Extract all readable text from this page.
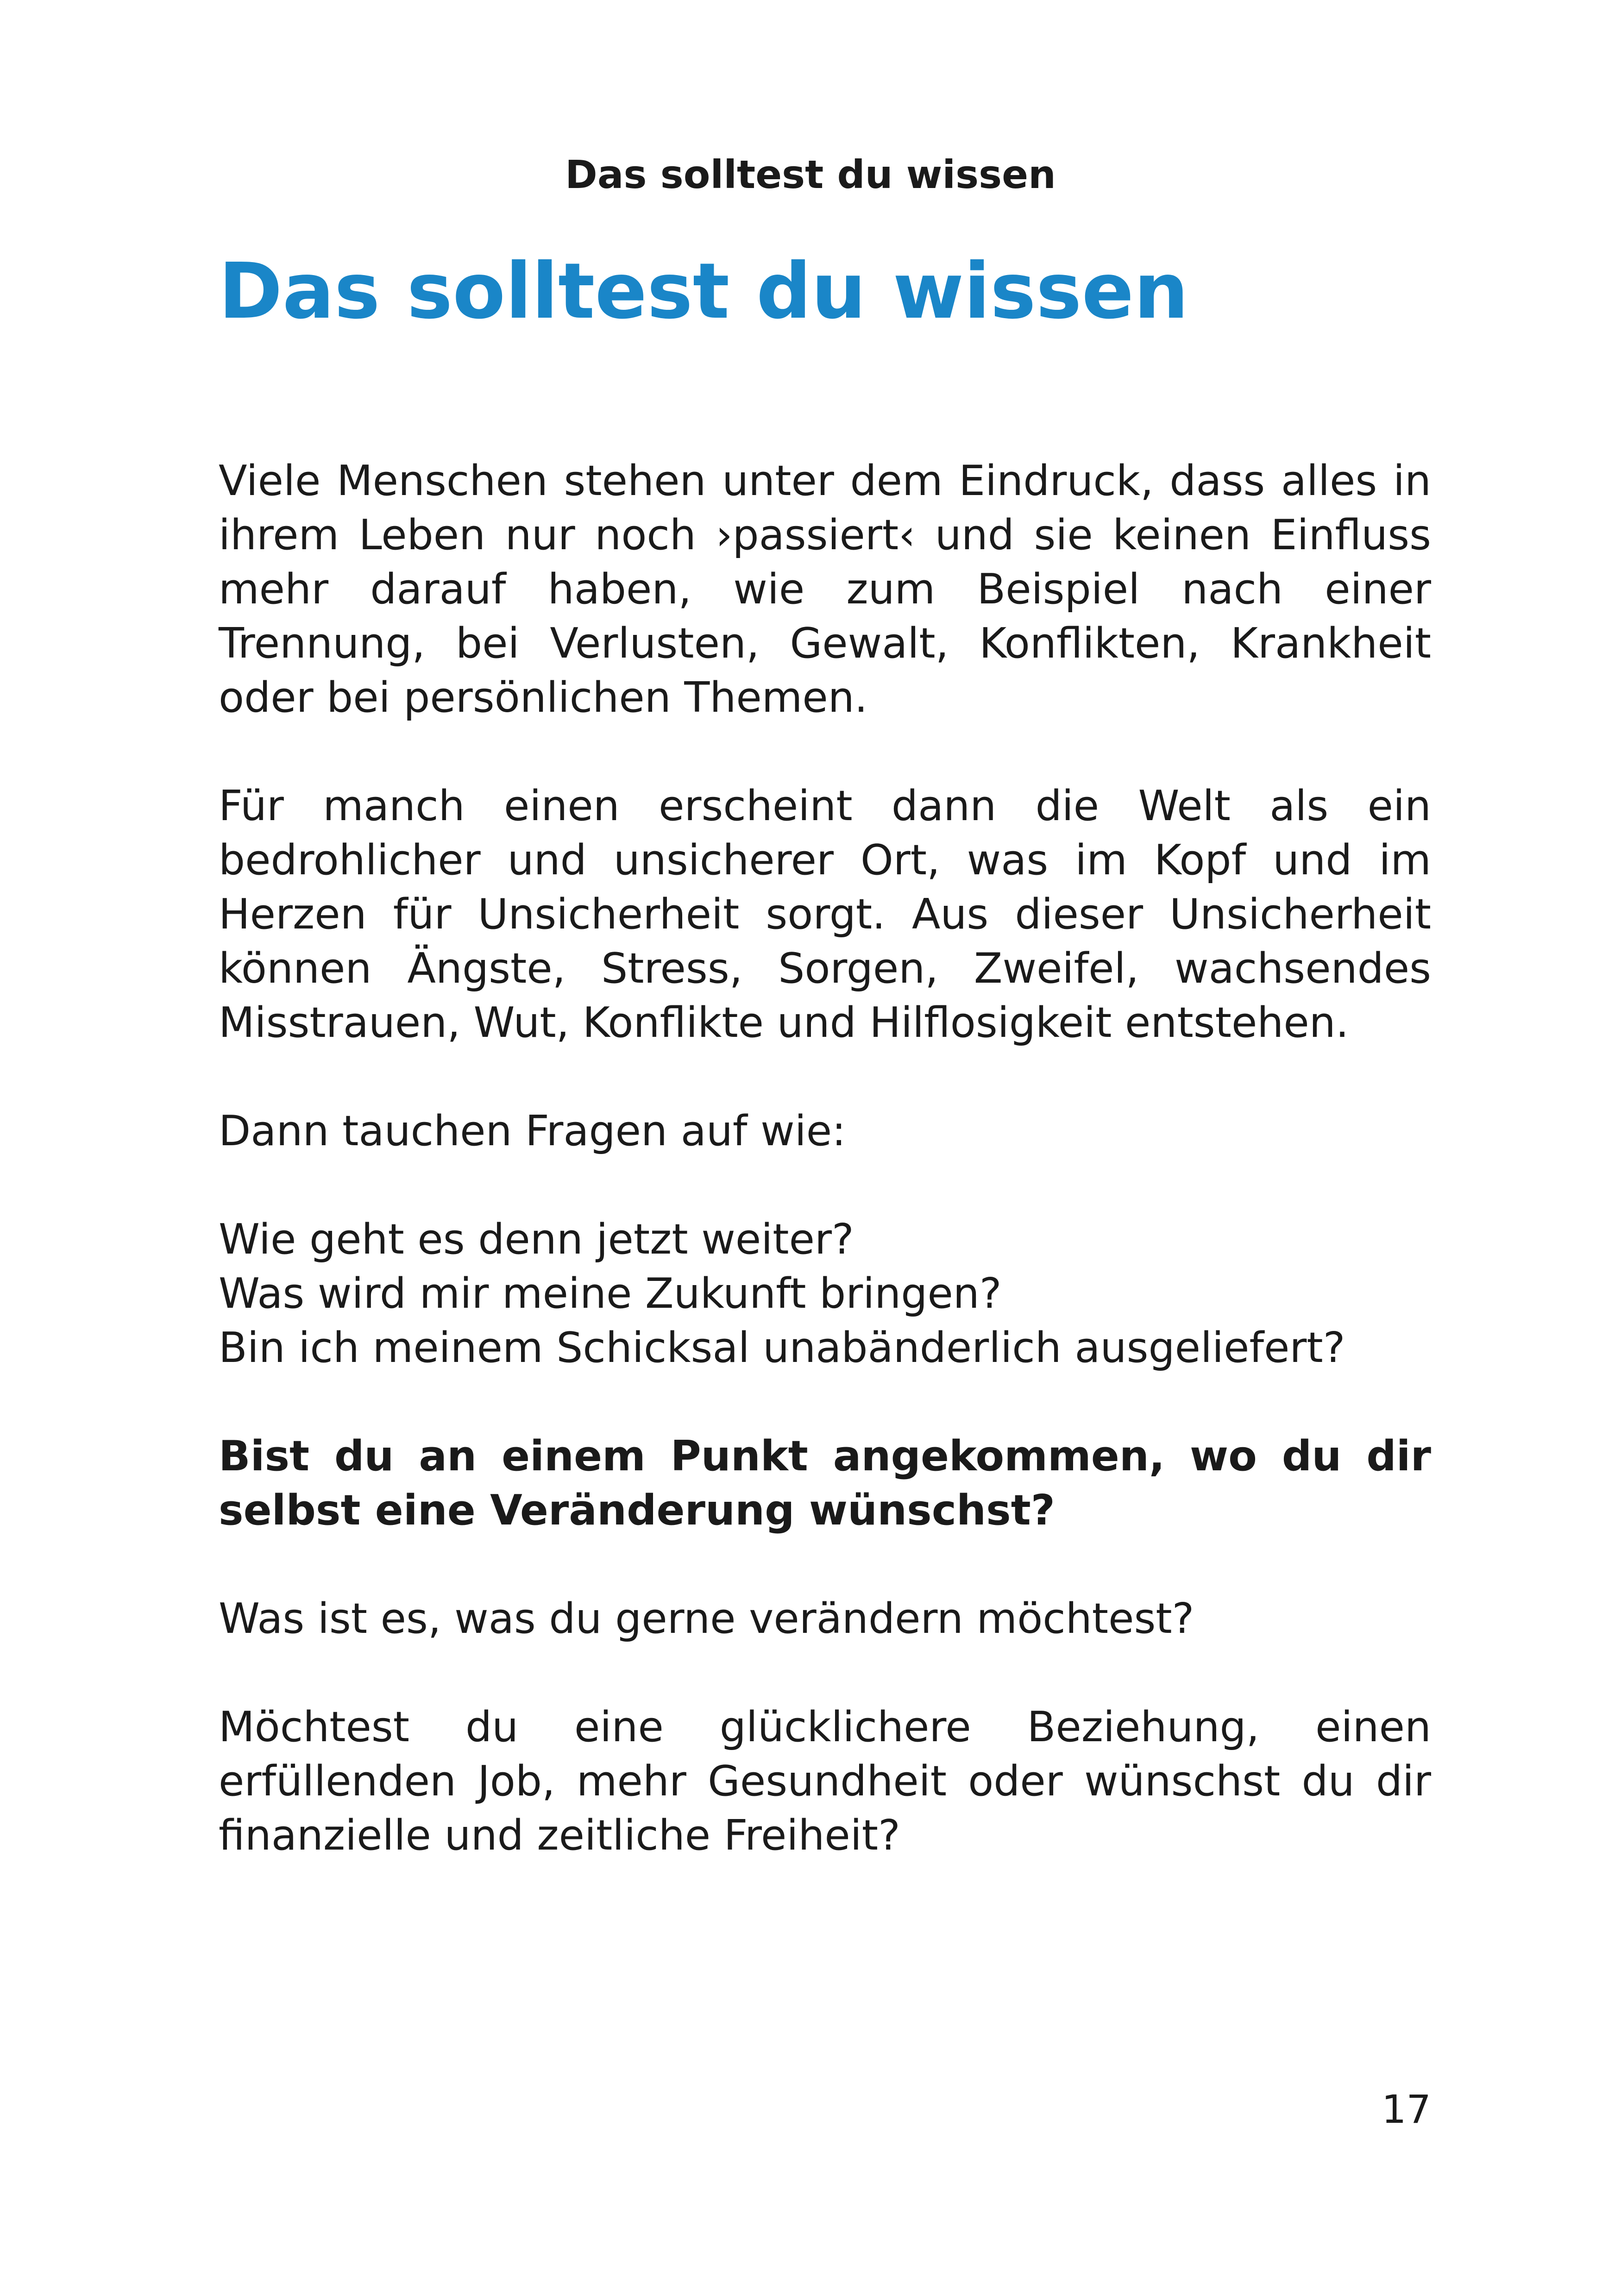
Das solltest du wissen

Das solltest du wissen

Viele Menschen stehen unter dem Eindruck, dass alles in ihrem Leben nur noch ›passiert‹ und sie keinen Einfluss mehr darauf haben, wie zum Beispiel nach einer Trennung, bei Verlusten, Gewalt, Konflikten, Krankheit oder bei persönlichen Themen.

Für manch einen erscheint dann die Welt als ein bedrohlicher und unsicherer Ort, was im Kopf und im Herzen für Unsicherheit sorgt. Aus dieser Unsicherheit können Ängste, Stress, Sorgen, Zweifel, wachsendes Misstrauen, Wut, Konflikte und Hilflosigkeit entstehen.

Dann tauchen Fragen auf wie:

Wie geht es denn jetzt weiter?
Was wird mir meine Zukunft bringen?
Bin ich meinem Schicksal unabänderlich ausgeliefert?

Bist du an einem Punkt angekommen, wo du dir selbst eine Veränderung wünschst?

Was ist es, was du gerne verändern möchtest?

Möchtest du eine glücklichere Beziehung, einen erfüllenden Job, mehr Gesundheit oder wünschst du dir finanzielle und zeitliche Freiheit?

17
